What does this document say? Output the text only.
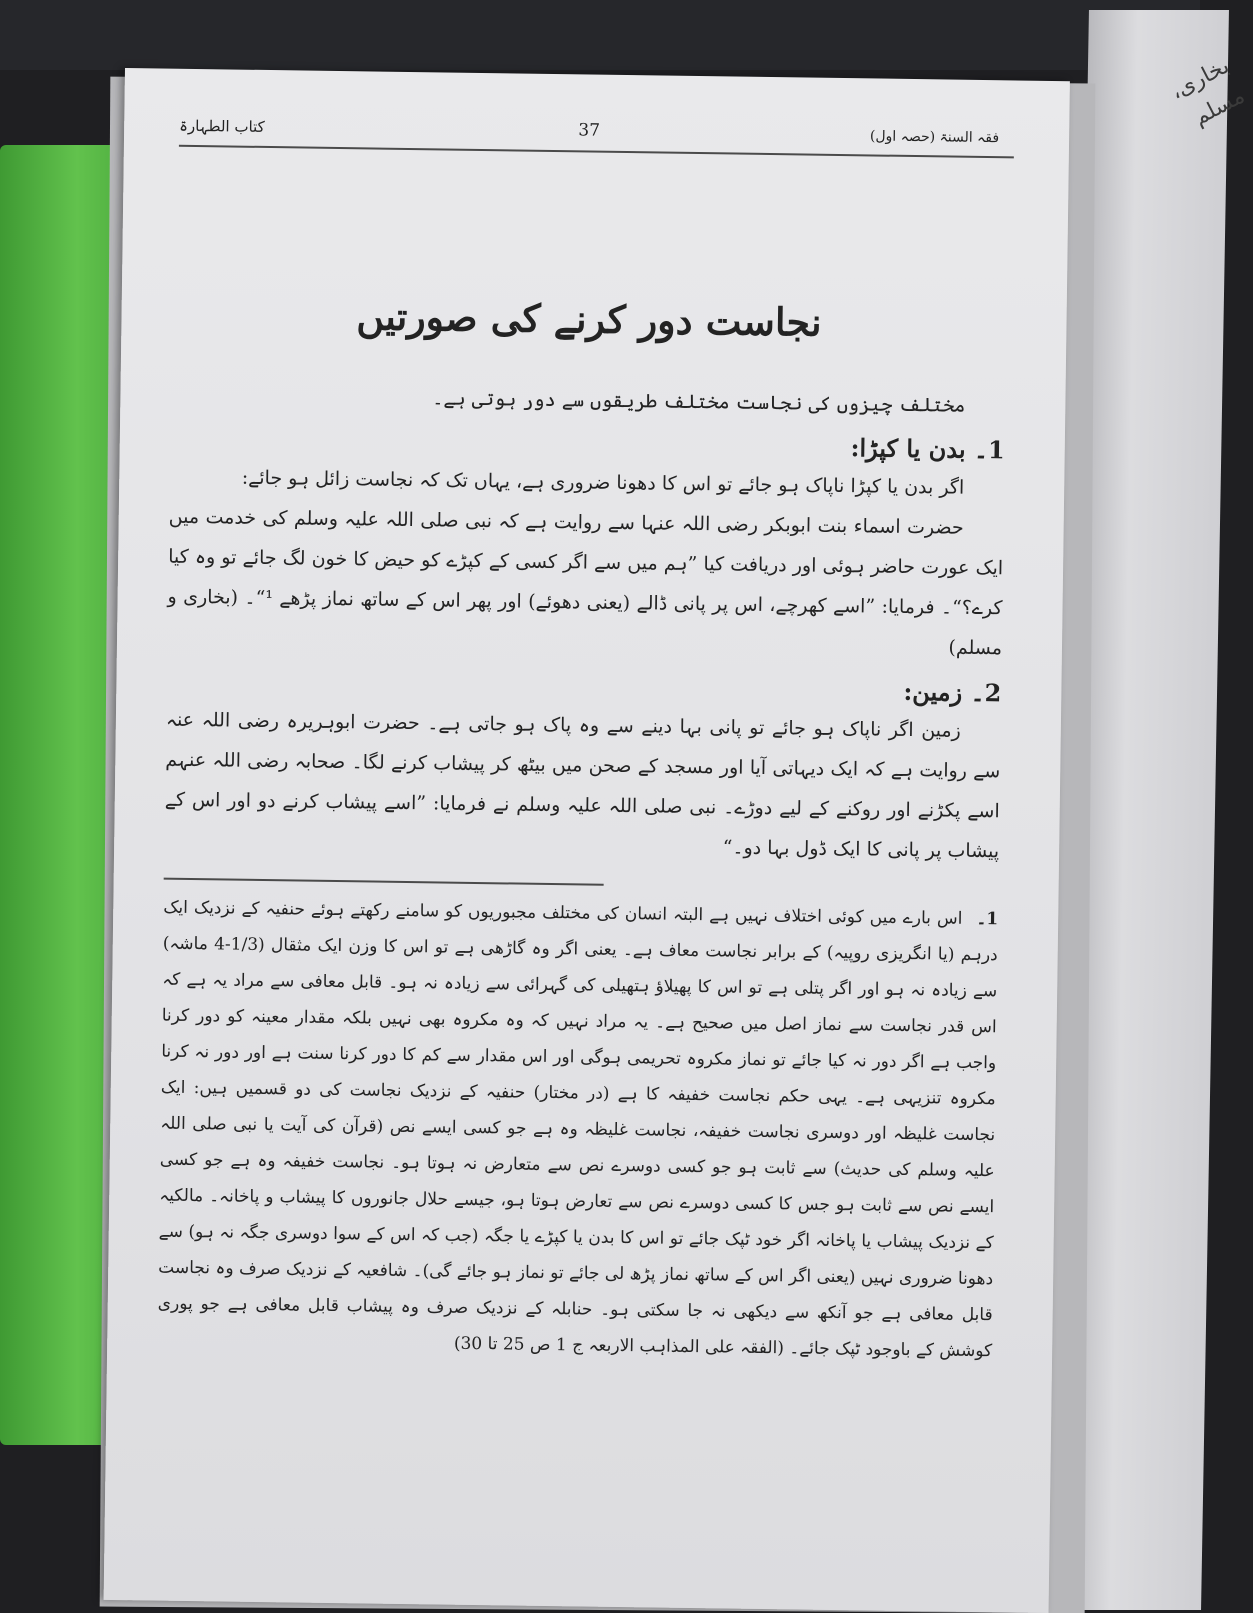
بخاری، مسلم
فقہ السنۃ (حصہ اول)
37
کتاب الطہارۃ
نجاست دور کرنے کی صورتیں

مختلف چیزوں کی نجاست مختلف طریقوں سے دور ہوتی ہے۔

1۔ بدن یا کپڑا:

اگر بدن یا کپڑا ناپاک ہو جائے تو اس کا دھونا ضروری ہے، یہاں تک کہ نجاست زائل ہو جائے:

حضرت اسماء بنت ابوبکر رضی اللہ عنہا سے روایت ہے کہ نبی صلی اللہ علیہ وسلم کی خدمت میں ایک عورت حاضر ہوئی اور دریافت کیا ”ہم میں سے اگر کسی کے کپڑے کو حیض کا خون لگ جائے تو وہ کیا کرے؟“۔ فرمایا: ”اسے کھرچے، اس پر پانی ڈالے (یعنی دھوئے) اور پھر اس کے ساتھ نماز پڑھے ¹“۔ (بخاری و مسلم)

2۔ زمین:

زمین اگر ناپاک ہو جائے تو پانی بہا دینے سے وہ پاک ہو جاتی ہے۔ حضرت ابوہریرہ رضی اللہ عنہ سے روایت ہے کہ ایک دیہاتی آیا اور مسجد کے صحن میں بیٹھ کر پیشاب کرنے لگا۔ صحابہ رضی اللہ عنہم اسے پکڑنے اور روکنے کے لیے دوڑے۔ نبی صلی اللہ علیہ وسلم نے فرمایا: ”اسے پیشاب کرنے دو اور اس کے پیشاب پر پانی کا ایک ڈول بہا دو۔“

1۔ اس بارے میں کوئی اختلاف نہیں ہے البتہ انسان کی مختلف مجبوریوں کو سامنے رکھتے ہوئے حنفیہ کے نزدیک ایک درہم (یا انگریزی روپیہ) کے برابر نجاست معاف ہے۔ یعنی اگر وہ گاڑھی ہے تو اس کا وزن ایک مثقال (1/3-4 ماشہ) سے زیادہ نہ ہو اور اگر پتلی ہے تو اس کا پھیلاؤ ہتھیلی کی گہرائی سے زیادہ نہ ہو۔ قابل معافی سے مراد یہ ہے کہ اس قدر نجاست سے نماز اصل میں صحیح ہے۔ یہ مراد نہیں کہ وہ مکروہ بھی نہیں بلکہ مقدار معینہ کو دور کرنا واجب ہے اگر دور نہ کیا جائے تو نماز مکروہ تحریمی ہوگی اور اس مقدار سے کم کا دور کرنا سنت ہے اور دور نہ کرنا مکروہ تنزیہی ہے۔ یہی حکم نجاست خفیفہ کا ہے (در مختار) حنفیہ کے نزدیک نجاست کی دو قسمیں ہیں: ایک نجاست غلیظہ اور دوسری نجاست خفیفہ، نجاست غلیظہ وہ ہے جو کسی ایسے نص (قرآن کی آیت یا نبی صلی اللہ علیہ وسلم کی حدیث) سے ثابت ہو جو کسی دوسرے نص سے متعارض نہ ہوتا ہو۔ نجاست خفیفہ وہ ہے جو کسی ایسے نص سے ثابت ہو جس کا کسی دوسرے نص سے تعارض ہوتا ہو، جیسے حلال جانوروں کا پیشاب و پاخانہ۔ مالکیہ کے نزدیک پیشاب یا پاخانہ اگر خود ٹپک جائے تو اس کا بدن یا کپڑے یا جگہ (جب کہ اس کے سوا دوسری جگہ نہ ہو) سے دھونا ضروری نہیں (یعنی اگر اس کے ساتھ نماز پڑھ لی جائے تو نماز ہو جائے گی)۔ شافعیہ کے نزدیک صرف وہ نجاست قابل معافی ہے جو آنکھ سے دیکھی نہ جا سکتی ہو۔ حنابلہ کے نزدیک صرف وہ پیشاب قابل معافی ہے جو پوری کوشش کے باوجود ٹپک جائے۔ (الفقہ علی المذاہب الاربعہ ج 1 ص 25 تا 30)
